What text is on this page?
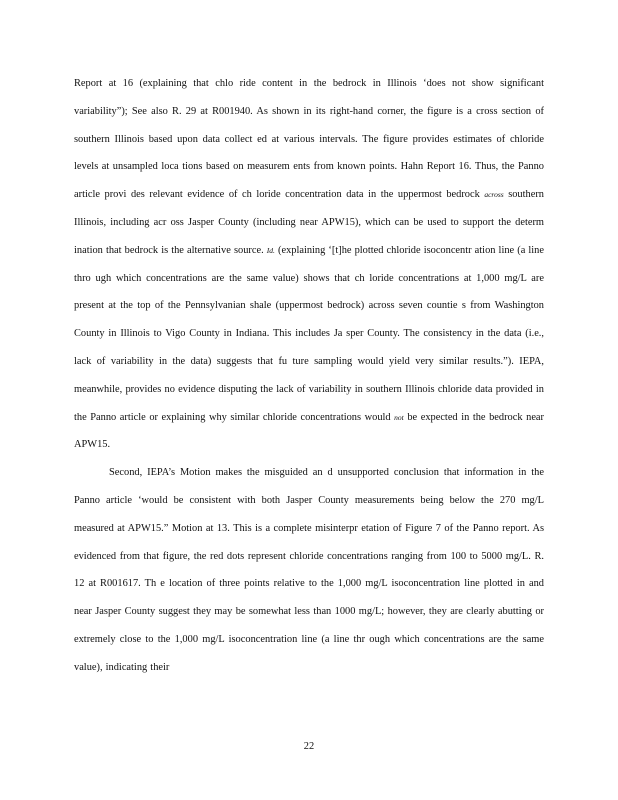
Report at 16 (explaining that chlo ride content in the bedrock in Illinois ‘does not show significant variability”); See also R. 29 at R001940. As shown in its right-hand corner, the figure is a cross section of southern Illinois based upon data collect ed at various intervals. The figure provides estimates of chloride levels at unsampled loca tions based on measurem ents from known points. Hahn Report 16. Thus, the Panno article provi des relevant evidence of ch loride concentration data in the uppermost bedrock across southern Illinois, including acr oss Jasper County (including near APW15), which can be used to support the determ ination that bedrock is the alternative source. Id. (explaining ‘[t]he plotted chloride isoconcentr ation line (a line thro ugh which concentrations are the same value) shows that ch loride concentrations at 1,000 mg/L are present at the top of the Pennsylvanian shale (uppermost bedrock) across seven countie s from Washington County in Illinois to Vigo County in Indiana. This includes Ja sper County. The consistency in the data (i.e., lack of variability in the data) suggests that fu ture sampling would yield very similar results.”). IEPA, meanwhile, provides no evidence disputing the lack of variability in southern Illinois chloride data provided in the Panno article or explaining why similar chloride concentrations would not be expected in the bedrock near APW15.

Second, IEPA’s Motion makes the misguided an d unsupported conclusion that information in the Panno article ‘would be consistent with both Jasper County measurements being below the 270 mg/L measured at APW15.” Motion at 13. This is a complete misinterpr etation of Figure 7 of the Panno report. As evidenced from that figure, the red dots represent chloride concentrations ranging from 100 to 5000 mg/L. R. 12 at R001617. Th e location of three points relative to the 1,000 mg/L isoconcentration line plotted in and near Jasper County suggest they may be somewhat less than 1000 mg/L; however, they are clearly abutting or extremely close to the 1,000 mg/L isoconcentration line (a line thr ough which concentrations are the same value), indicating their

22
